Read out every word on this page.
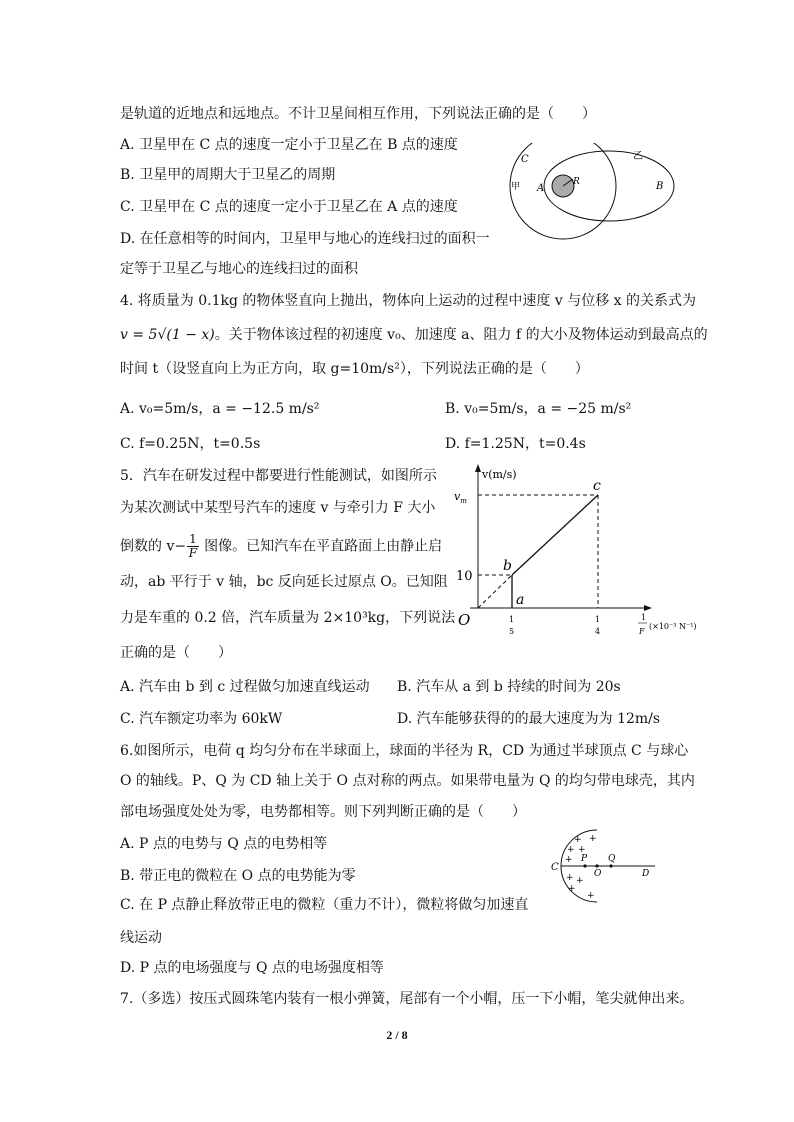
是轨道的近地点和远地点。不计卫星间相互作用，下列说法正确的是（　　）
A. 卫星甲在 C 点的速度一定小于卫星乙在 B 点的速度
B. 卫星甲的周期大于卫星乙的周期
C. 卫星甲在 C 点的速度一定小于卫星乙在 A 点的速度
D. 在任意相等的时间内，卫星甲与地心的连线扫过的面积一
定等于卫星乙与地心的连线扫过的面积
C	乙
甲 A
R	B
4. 将质量为 0.1kg 的物体竖直向上抛出，物体向上运动的过程中速度 v 与位移 x 的关系式为
v = 5√(1 − x)。关于物体该过程的初速度 v₀、加速度 a、阻力 f 的大小及物体运动到最高点的
时间 t（设竖直向上为正方向，取 g=10m/s²），下列说法正确的是（　　）
A. v₀=5m/s，a = −12.5 m/s²	B. v₀=5m/s，a = −25 m/s²
C. f=0.25N，t=0.5s	D. f=1.25N，t=0.4s
5．汽车在研发过程中都要进行性能测试，如图所示
为某次测试中某型号汽车的速度 v 与牵引力 F 大小
倒数的 $v- \frac{1}{F}$ 图像。已知汽车在平直路面上由静止启
动，ab 平行于 v 轴，bc 反向延长过原点 O。已知阻
力是车重的 0.2 倍，汽车质量为 2×10³kg，下列说法
正确的是（　　）
v(m/s)
$v_m$
10
O
a
b
c
1
5
1
4
1
F
(×10⁻³ N⁻¹)
A. 汽车由 b 到 c 过程做匀加速直线运动 B. 汽车从 a 到 b 持续的时间为 20s
C. 汽车额定功率为 60kW	D. 汽车能够获得的的最大速度为为 12m/s
6.如图所示，电荷 q 均匀分布在半球面上，球面的半径为 R，CD 为通过半球顶点 C 与球心
O 的轴线。P、Q 为 CD 轴上关于 O 点对称的两点。如果带电量为 Q 的均匀带电球壳，其内
部电场强度处处为零，电势都相等。则下列判断正确的是（　　）
A. P 点的电势与 Q 点的电势相等
B. 带正电的微粒在 O 点的电势能为零
C. 在 P 点静止释放带正电的微粒（重力不计），微粒将做匀加速直
线运动
D. P 点的电场强度与 Q 点的电场强度相等
+ +
+ +
+
+ +
+
+
C
P
O
Q
D
7.（多选）按压式圆珠笔内装有一根小弹簧，尾部有一个小帽，压一下小帽，笔尖就伸出来。
2 / 8
